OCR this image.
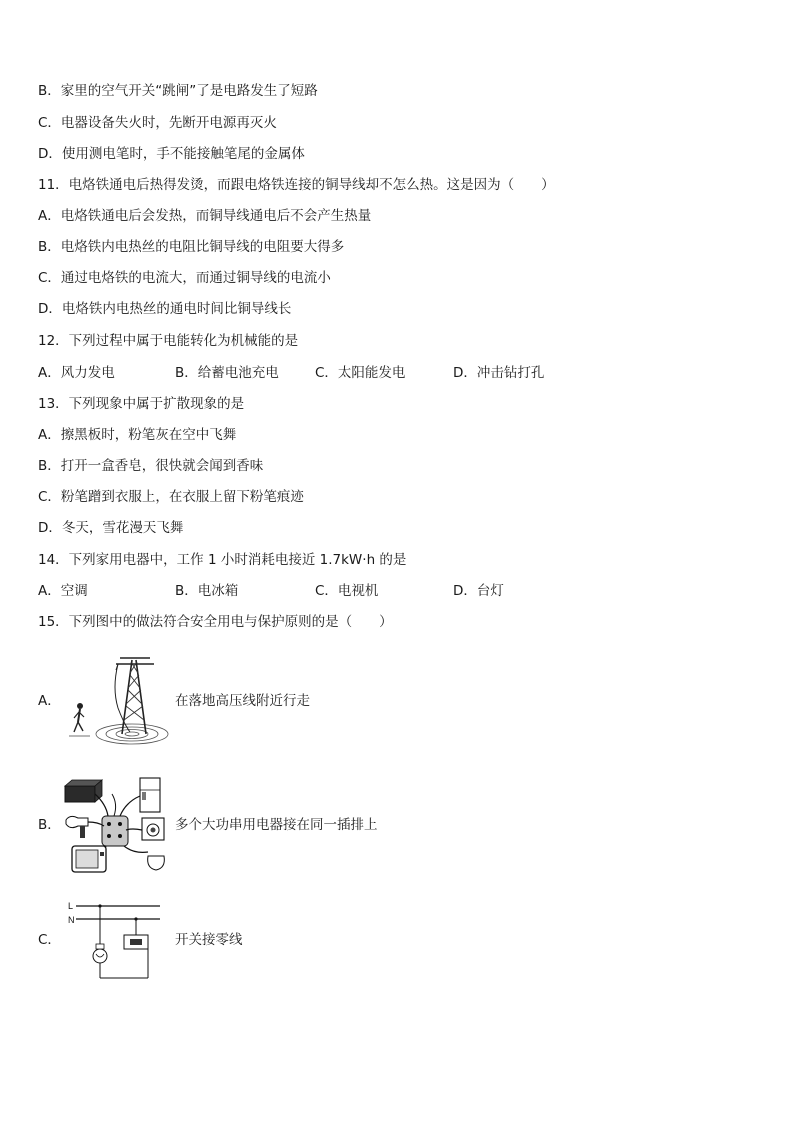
B．家里的空气开关“跳闸”了是电路发生了短路
C．电器设备失火时，先断开电源再灭火
D．使用测电笔时，手不能接触笔尾的金属体
11．电烙铁通电后热得发烫，而跟电烙铁连接的铜导线却不怎么热。这是因为（　　）
A．电烙铁通电后会发热，而铜导线通电后不会产生热量
B．电烙铁内电热丝的电阻比铜导线的电阻要大得多
C．通过电烙铁的电流大，而通过铜导线的电流小
D．电烙铁内电热丝的通电时间比铜导线长
12．下列过程中属于电能转化为机械能的是
A．风力发电	B．给蓄电池充电	C．太阳能发电	D．冲击钻打孔
13．下列现象中属于扩散现象的是
A．擦黑板时，粉笔灰在空中飞舞
B．打开一盒香皂，很快就会闻到香味
C．粉笔蹭到衣服上，在衣服上留下粉笔痕迹
D．冬天，雪花漫天飞舞
14．下列家用电器中，工作 1 小时消耗电接近 1.7kW·h 的是
A．空调	B．电冰箱	C．电视机	D．台灯
15．下列图中的做法符合安全用电与保护原则的是（　　）
A．	在落地高压线附近行走
B．	多个大功串用电器接在同一插排上
C．
L
N
开关接零线
